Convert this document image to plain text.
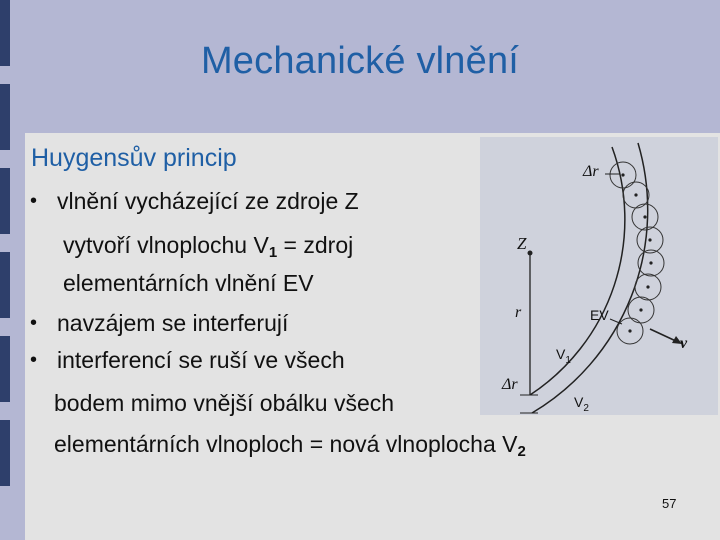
Mechanické vlnění
Huygensův princip
• vlnění vycházející ze zdroje Z
vytvoří vlnoplochu $V_1$ = zdroj
elementárních vlnění EV
• navzájem se interferují
• interferencí se ruší ve všech
bodem mimo vnější obálku všech
elementárních vlnoploch = nová vlnoplocha $V_2$
Δr
Z
r	EV
$V_1$
$V_2$
v
Δr
57
